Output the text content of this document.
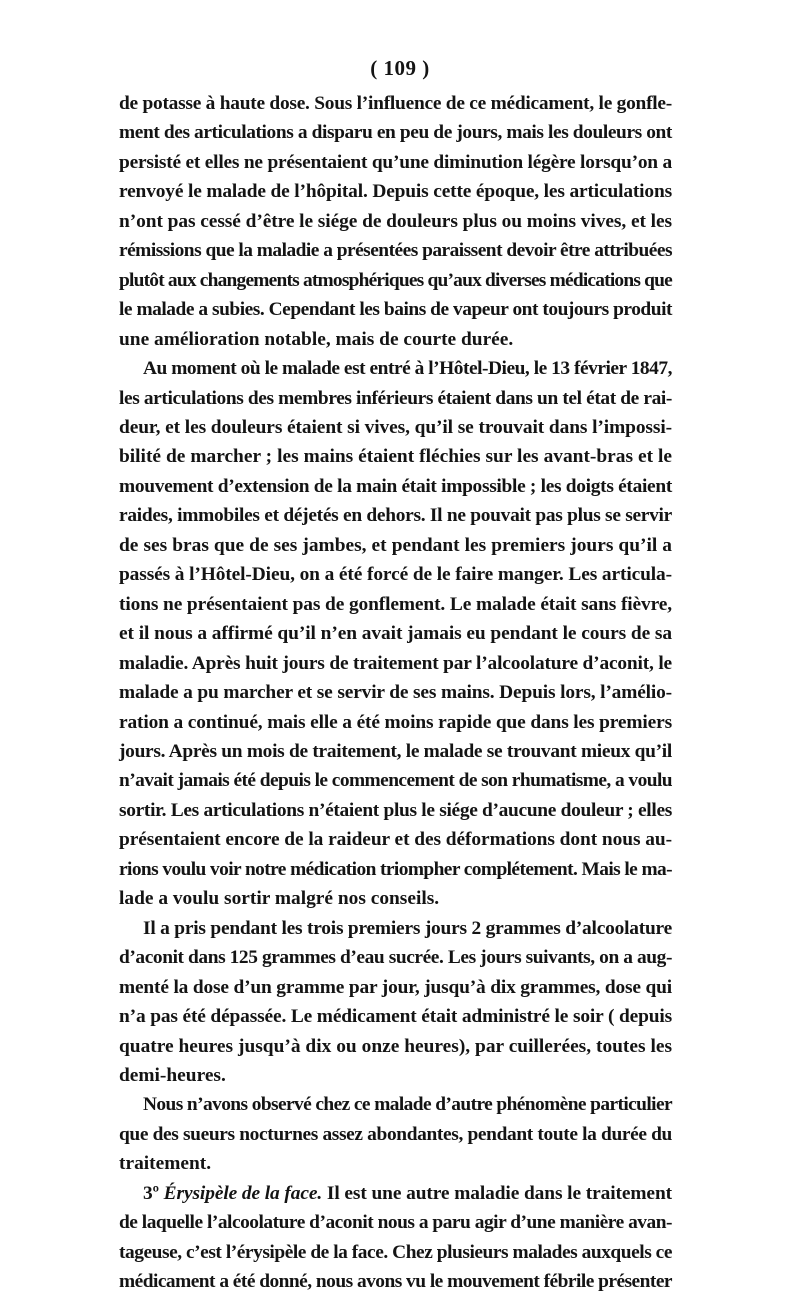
( 109 )

de potasse à haute dose. Sous l’influence de ce médicament, le gonfle-
ment des articulations a disparu en peu de jours, mais les douleurs ont
persisté et elles ne présentaient qu’une diminution légère lorsqu’on a
renvoyé le malade de l’hôpital. Depuis cette époque, les articulations
n’ont pas cessé d’être le siége de douleurs plus ou moins vives, et les
rémissions que la maladie a présentées paraissent devoir être attribuées
plutôt aux changements atmosphériques qu’aux diverses médications que
le malade a subies. Cependant les bains de vapeur ont toujours produit
une amélioration notable, mais de courte durée.

Au moment où le malade est entré à l’Hôtel-Dieu, le 13 février 1847,
les articulations des membres inférieurs étaient dans un tel état de rai-
deur, et les douleurs étaient si vives, qu’il se trouvait dans l’impossi-
bilité de marcher ; les mains étaient fléchies sur les avant-bras et le
mouvement d’extension de la main était impossible ; les doigts étaient
raides, immobiles et déjetés en dehors. Il ne pouvait pas plus se servir
de ses bras que de ses jambes, et pendant les premiers jours qu’il a
passés à l’Hôtel-Dieu, on a été forcé de le faire manger. Les articula-
tions ne présentaient pas de gonflement. Le malade était sans fièvre,
et il nous a affirmé qu’il n’en avait jamais eu pendant le cours de sa
maladie. Après huit jours de traitement par l’alcoolature d’aconit, le
malade a pu marcher et se servir de ses mains. Depuis lors, l’amélio-
ration a continué, mais elle a été moins rapide que dans les premiers
jours. Après un mois de traitement, le malade se trouvant mieux qu’il
n’avait jamais été depuis le commencement de son rhumatisme, a voulu
sortir. Les articulations n’étaient plus le siége d’aucune douleur ; elles
présentaient encore de la raideur et des déformations dont nous au-
rions voulu voir notre médication triompher complétement. Mais le ma-
lade a voulu sortir malgré nos conseils.

Il a pris pendant les trois premiers jours 2 grammes d’alcoolature
d’aconit dans 125 grammes d’eau sucrée. Les jours suivants, on a aug-
menté la dose d’un gramme par jour, jusqu’à dix grammes, dose qui
n’a pas été dépassée. Le médicament était administré le soir ( depuis
quatre heures jusqu’à dix ou onze heures), par cuillerées, toutes les
demi-heures.

Nous n’avons observé chez ce malade d’autre phénomène particulier
que des sueurs nocturnes assez abondantes, pendant toute la durée du
traitement.

3º Érysipèle de la face. Il est une autre maladie dans le traitement
de laquelle l’alcoolature d’aconit nous a paru agir d’une manière avan-
tageuse, c’est l’érysipèle de la face. Chez plusieurs malades auxquels ce
médicament a été donné, nous avons vu le mouvement fébrile présenter
